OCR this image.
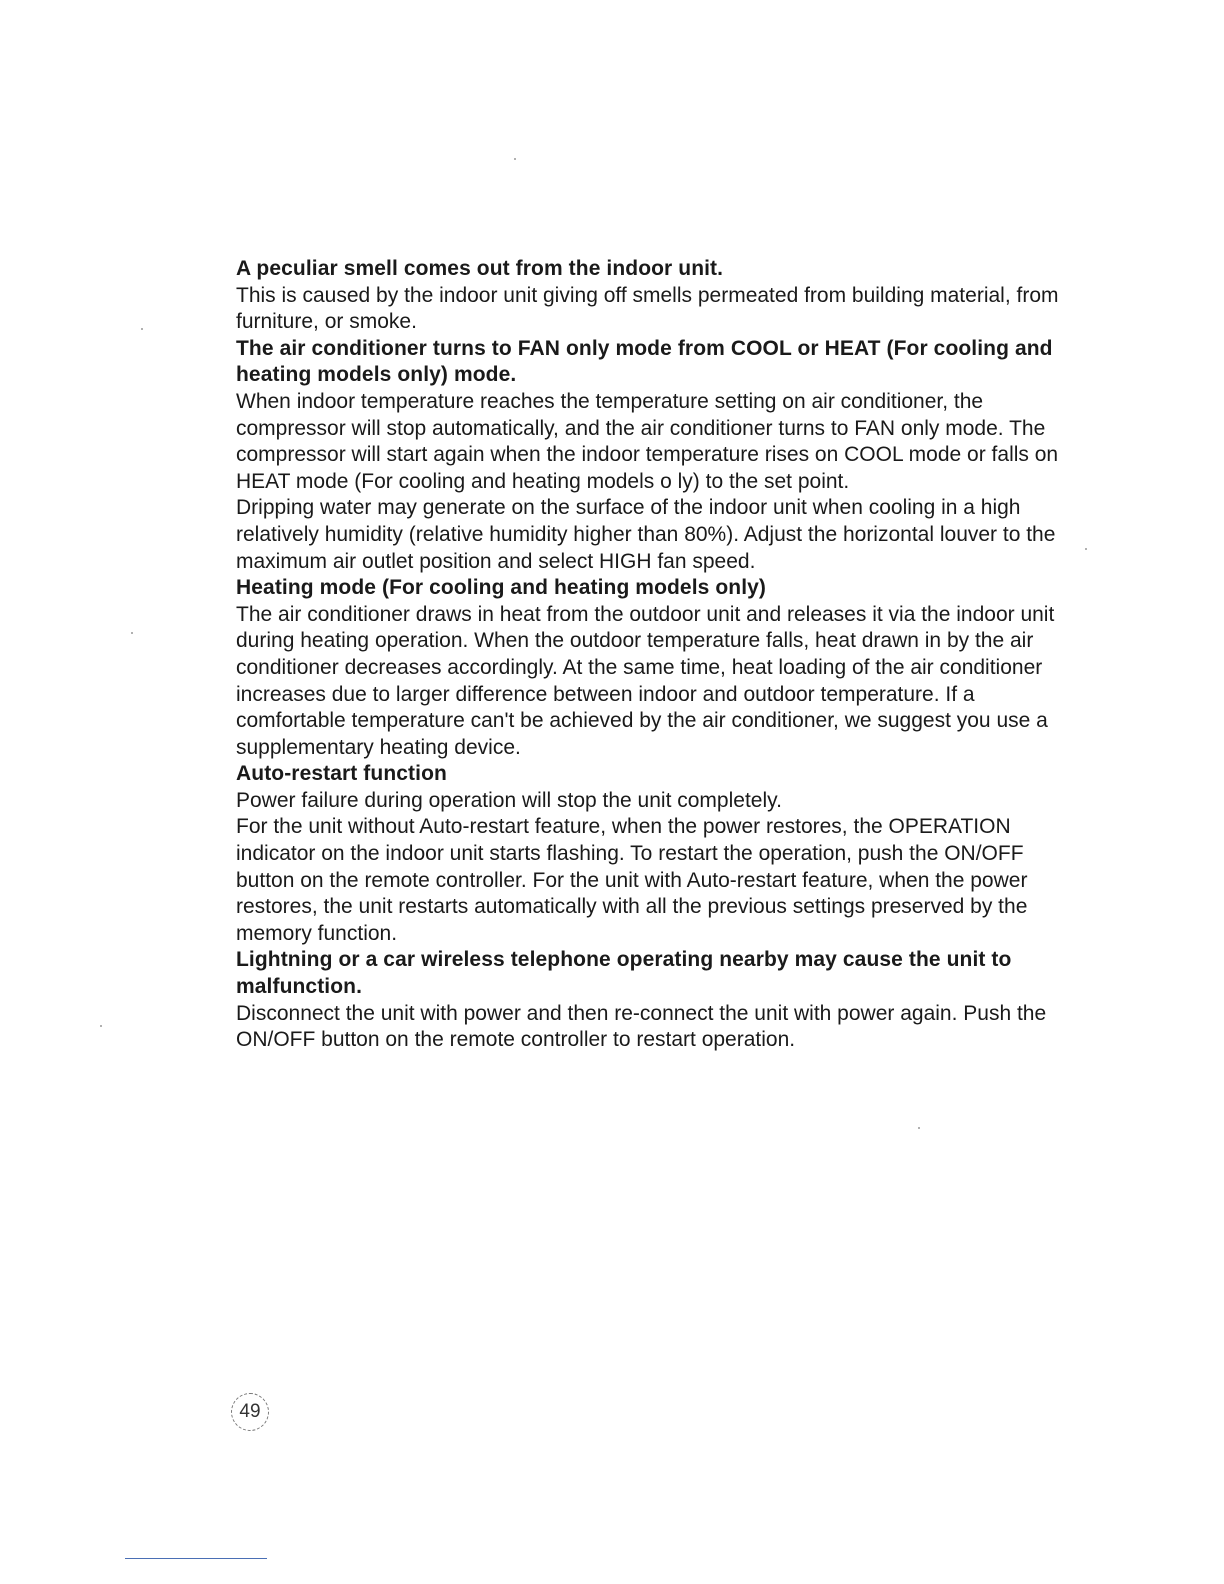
A peculiar smell comes out from the indoor unit.

This is caused by the indoor unit giving off smells permeated from building material, from furniture, or smoke.

The air conditioner turns to FAN only mode from COOL or HEAT (For cooling and heating models only) mode.

When indoor temperature reaches the temperature setting on air conditioner, the compressor will stop automatically, and the air conditioner turns to FAN only mode. The compressor will start again when the indoor temperature rises on COOL mode or falls on HEAT mode (For cooling and heating models o ly) to the set point.

Dripping water may generate on the surface of the indoor unit when cooling in a high relatively humidity (relative humidity higher than 80%). Adjust the horizontal louver to the maximum air outlet position and select HIGH fan speed.

Heating mode (For cooling and heating models only)

The air conditioner draws in heat from the outdoor unit and releases it via the indoor unit during heating operation. When the outdoor temperature falls, heat drawn in by the air conditioner decreases accordingly. At the same time, heat loading of the air conditioner increases due to larger difference between indoor and outdoor temperature. If a comfortable temperature can't be achieved by the air conditioner, we suggest you use a supplementary heating device.

Auto-restart function

Power failure during operation will stop the unit completely.

For the unit without Auto-restart feature, when the power restores, the OPERATION indicator on the indoor unit starts flashing. To restart the operation, push the ON/OFF button on the remote controller. For the unit with Auto-restart feature, when the power restores, the unit restarts automatically with all the previous settings preserved by the memory function.

Lightning or a car wireless telephone operating nearby may cause the unit to malfunction.

Disconnect the unit with power and then re-connect the unit with power again. Push the ON/OFF button on the remote controller to restart operation.

49
